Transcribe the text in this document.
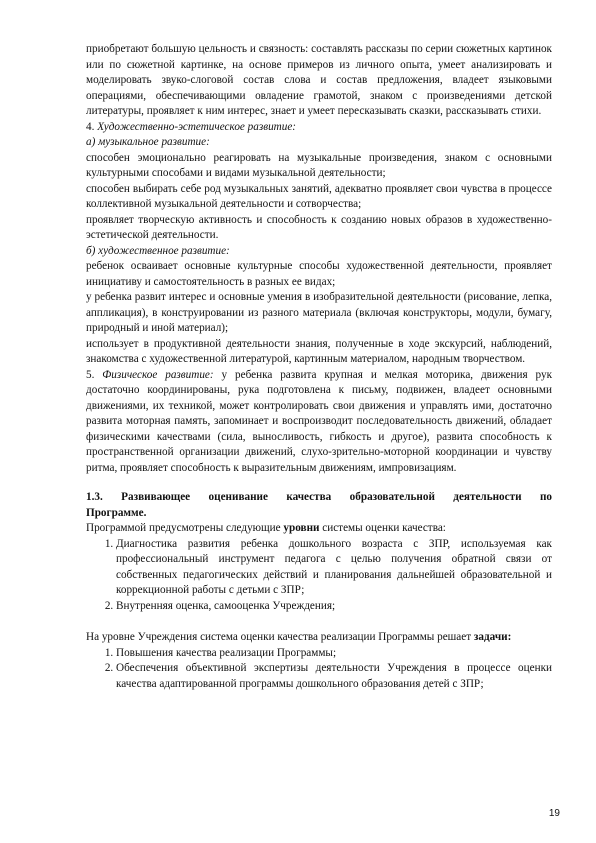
приобретают большую цельность и связность: составлять рассказы по серии сюжетных картинок или по сюжетной картинке, на основе примеров из личного опыта, умеет анализировать и моделировать звуко-слоговой состав слова и состав предложения, владеет языковыми операциями, обеспечивающими овладение грамотой, знаком с произведениями детской литературы, проявляет к ним интерес, знает и умеет пересказывать сказки, рассказывать стихи.

4. Художественно-эстетическое развитие:

а) музыкальное развитие:

способен эмоционально реагировать на музыкальные произведения, знаком с основными культурными способами и видами музыкальной деятельности;

способен выбирать себе род музыкальных занятий, адекватно проявляет свои чувства в процессе коллективной музыкальной деятельности и сотворчества;

проявляет творческую активность и способность к созданию новых образов в художественно-эстетической деятельности.

б) художественное развитие:

ребенок осваивает основные культурные способы художественной деятельности, проявляет инициативу и самостоятельность в разных ее видах;

у ребенка развит интерес и основные умения в изобразительной деятельности (рисование, лепка, аппликация), в конструировании из разного материала (включая конструкторы, модули, бумагу, природный и иной материал);

использует в продуктивной деятельности знания, полученные в ходе экскурсий, наблюдений, знакомства с художественной литературой, картинным материалом, народным творчеством.

5. Физическое развитие: у ребенка развита крупная и мелкая моторика, движения рук достаточно координированы, рука подготовлена к письму, подвижен, владеет основными движениями, их техникой, может контролировать свои движения и управлять ими, достаточно развита моторная память, запоминает и воспроизводит последовательность движений, обладает физическими качествами (сила, выносливость, гибкость и другое), развита способность к пространственной организации движений, слухо-зрительно-моторной координации и чувству ритма, проявляет способность к выразительным движениям, импровизациям.

1.3. Развивающее оценивание качества образовательной деятельности по

Программе.

Программой предусмотрены следующие уровни системы оценки качества:

1. Диагностика развития ребенка дошкольного возраста с ЗПР, используемая как профессиональный инструмент педагога с целью получения обратной связи от собственных педагогических действий и планирования дальнейшей образовательной и коррекционной работы с детьми с ЗПР;
2. Внутренняя оценка, самооценка Учреждения;

На уровне Учреждения система оценки качества реализации Программы решает задачи:

1. Повышения качества реализации Программы;
2. Обеспечения объективной экспертизы деятельности Учреждения в процессе оценки качества адаптированной программы дошкольного образования детей с ЗПР;
19
